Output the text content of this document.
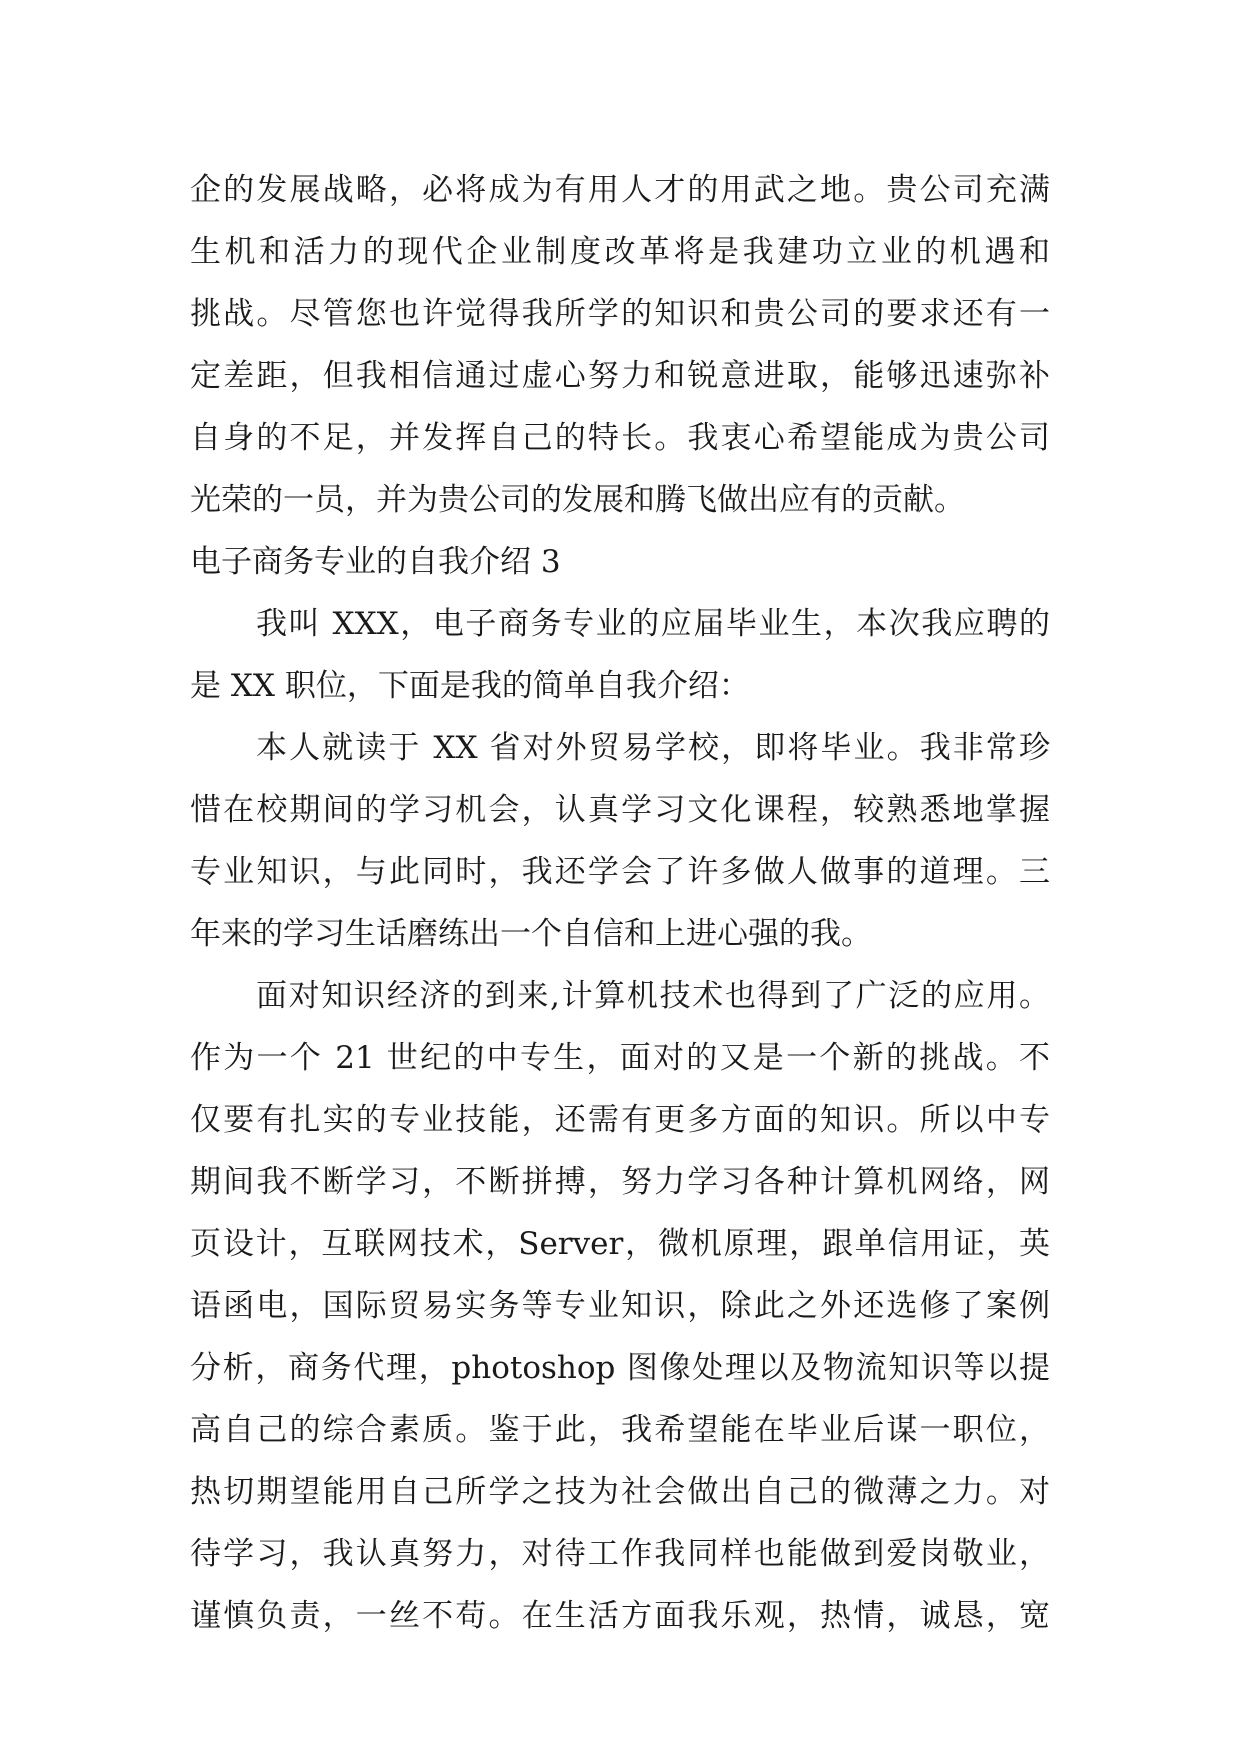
企的发展战略，必将成为有用人才的用武之地。贵公司充满
生机和活力的现代企业制度改革将是我建功立业的机遇和
挑战。尽管您也许觉得我所学的知识和贵公司的要求还有一
定差距，但我相信通过虚心努力和锐意进取，能够迅速弥补
自身的不足，并发挥自己的特长。我衷心希望能成为贵公司
光荣的一员，并为贵公司的发展和腾飞做出应有的贡献。
电子商务专业的自我介绍 3
我叫 XXX，电子商务专业的应届毕业生，本次我应聘的
是 XX 职位，下面是我的简单自我介绍：
本人就读于 XX 省对外贸易学校，即将毕业。我非常珍
惜在校期间的学习机会，认真学习文化课程，较熟悉地掌握
专业知识，与此同时，我还学会了许多做人做事的道理。三
年来的学习生话磨练出一个自信和上进心强的我。
面对知识经济的到来,计算机技术也得到了广泛的应用。
作为一个 21 世纪的中专生，面对的又是一个新的挑战。不
仅要有扎实的专业技能，还需有更多方面的知识。所以中专
期间我不断学习，不断拼搏，努力学习各种计算机网络，网
页设计，互联网技术，Server，微机原理，跟单信用证，英
语函电，国际贸易实务等专业知识，除此之外还选修了案例
分析，商务代理，photoshop 图像处理以及物流知识等以提
高自己的综合素质。鉴于此，我希望能在毕业后谋一职位，
热切期望能用自己所学之技为社会做出自己的微薄之力。对
待学习，我认真努力，对待工作我同样也能做到爱岗敬业，
谨慎负责，一丝不苟。在生活方面我乐观，热情，诚恳，宽
